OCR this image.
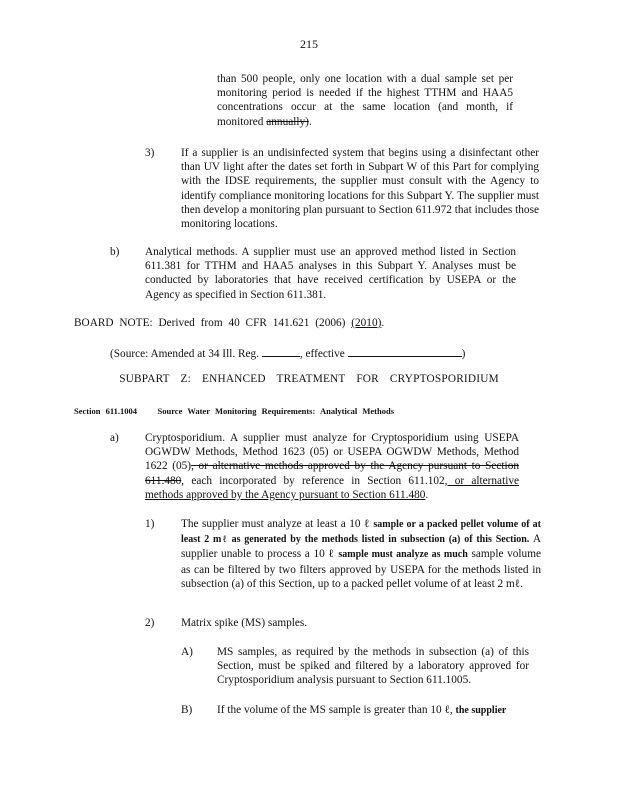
215

than 500 people, only one location with a dual sample set per monitoring period is needed if the highest TTHM and HAA5 concentrations occur at the same location (and month, if monitored annually).

3) If a supplier is an undisinfected system that begins using a disinfectant other than UV light after the dates set forth in Subpart W of this Part for complying with the IDSE requirements, the supplier must consult with the Agency to identify compliance monitoring locations for this Subpart Y. The supplier must then develop a monitoring plan pursuant to Section 611.972 that includes those monitoring locations.

b) Analytical methods. A supplier must use an approved method listed in Section 611.381 for TTHM and HAA5 analyses in this Subpart Y. Analyses must be conducted by laboratories that have received certification by USEPA or the Agency as specified in Section 611.381.

BOARD NOTE: Derived from 40 CFR 141.621 (2006) (2010).

(Source: Amended at 34 Ill. Reg.	, effective	)

SUBPART Z: ENHANCED TREATMENT FOR CRYPTOSPORIDIUM
Section 611.1004 Source Water Monitoring Requirements: Analytical Methods

a) Cryptosporidium. A supplier must analyze for Cryptosporidium using USEPA OGWDW Methods, Method 1623 (05) or USEPA OGWDW Methods, Method 1622 (05), or alternative methods approved by the Agency pursuant to Section 611.480, each incorporated by reference in Section 611.102, or alternative methods approved by the Agency pursuant to Section 611.480.

1) The supplier must analyze at least a 10 ℓ sample or a packed pellet volume of at least 2 mℓ as generated by the methods listed in subsection (a) of this Section. A supplier unable to process a 10 ℓ sample must analyze as much sample volume as can be filtered by two filters approved by USEPA for the methods listed in subsection (a) of this Section, up to a packed pellet volume of at least 2 mℓ.

2) Matrix spike (MS) samples.

A) MS samples, as required by the methods in subsection (a) of this Section, must be spiked and filtered by a laboratory approved for Cryptosporidium analysis pursuant to Section 611.1005.

B) If the volume of the MS sample is greater than 10 ℓ, the supplier
